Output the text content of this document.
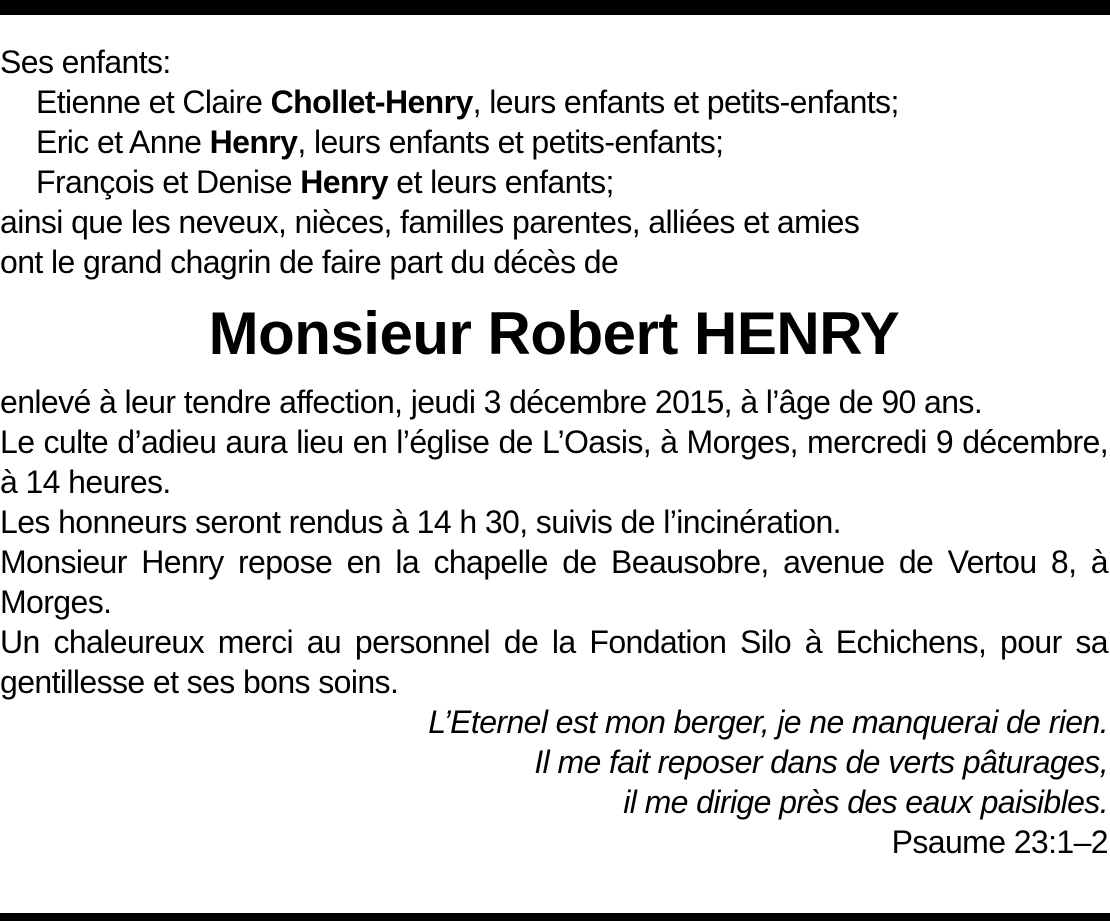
Ses enfants:
Etienne et Claire Chollet-Henry, leurs enfants et petits-enfants;
Eric et Anne Henry, leurs enfants et petits-enfants;
François et Denise Henry et leurs enfants;
ainsi que les neveux, nièces, familles parentes, alliées et amies
ont le grand chagrin de faire part du décès de
Monsieur Robert HENRY

enlevé à leur tendre affection, jeudi 3 décembre 2015, à l’âge de 90 ans.

Le culte d’adieu aura lieu en l’église de L’Oasis, à Morges, mercredi 9 décembre, à 14 heures.

Les honneurs seront rendus à 14 h 30, suivis de l’incinération.

Monsieur Henry repose en la chapelle de Beausobre, avenue de Vertou 8, à Morges.

Un chaleureux merci au personnel de la Fondation Silo à Echichens, pour sa gentillesse et ses bons soins.

L’Eternel est mon berger, je ne manquerai de rien.
Il me fait reposer dans de verts pâturages,
il me dirige près des eaux paisibles.
Psaume 23:1–2
